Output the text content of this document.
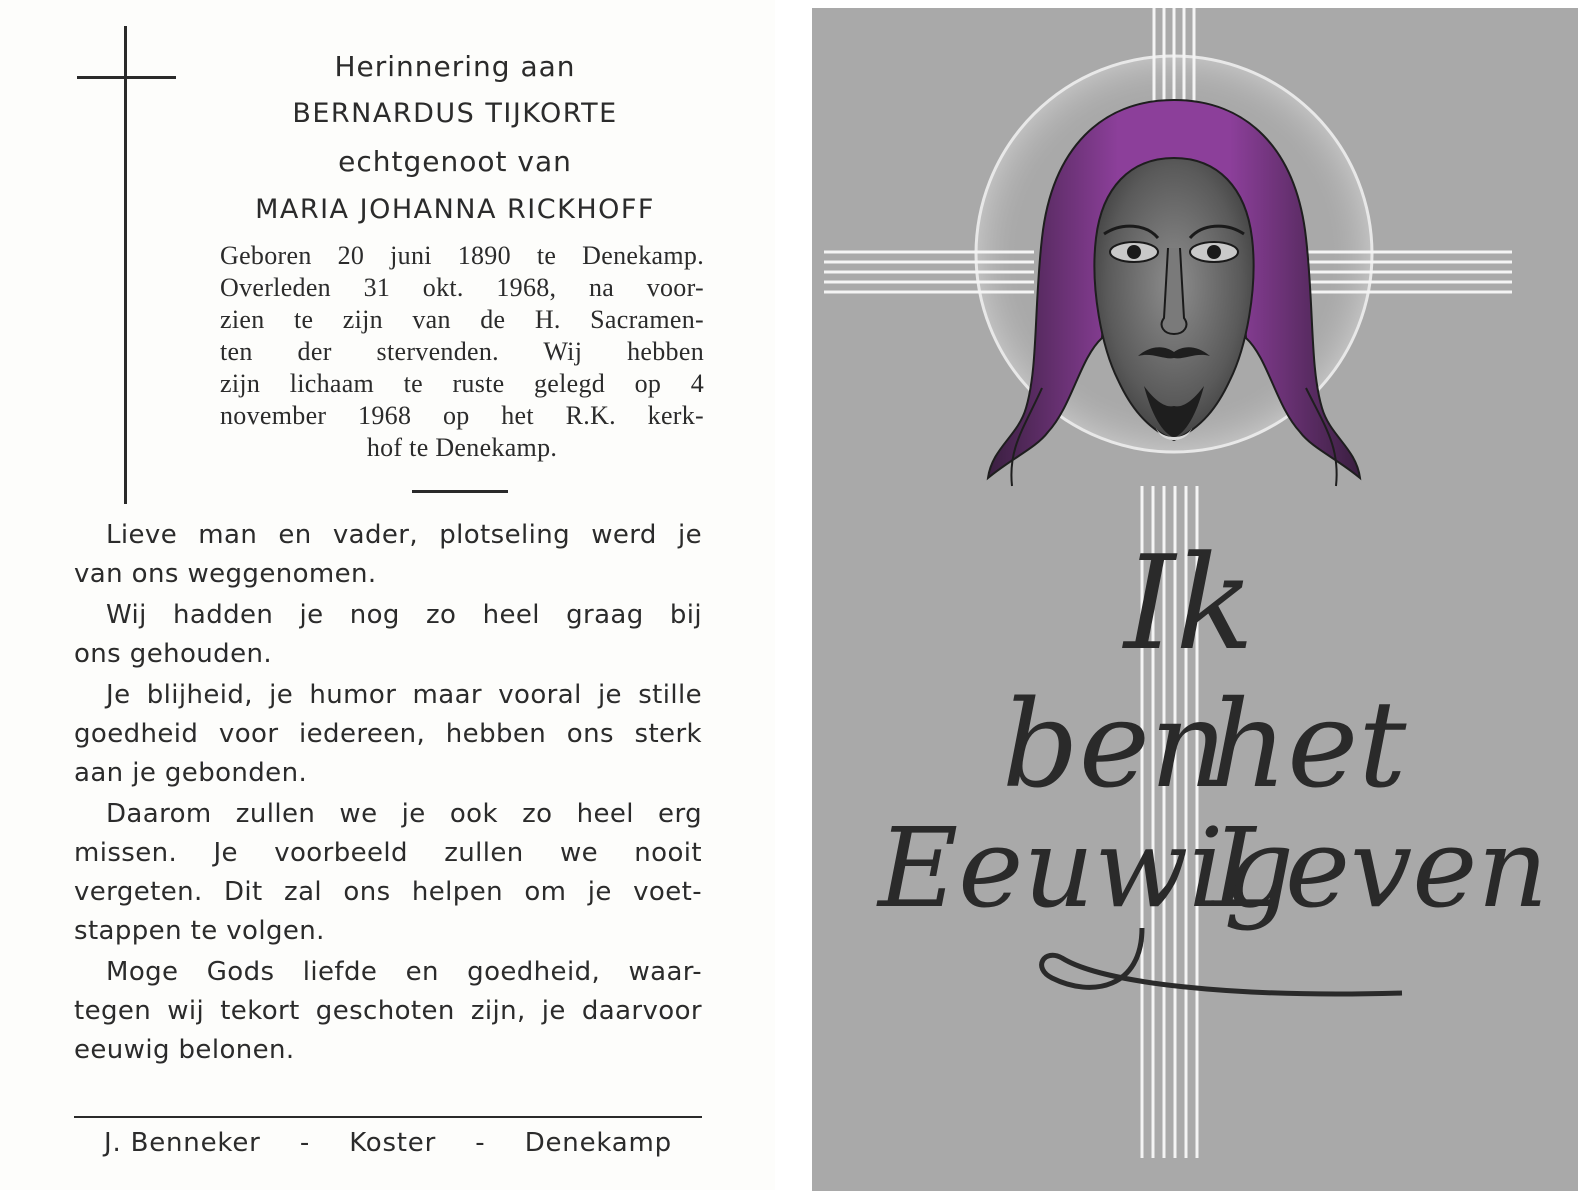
Herinnering aan
BERNARDUS TIJKORTE
echtgenoot van
MARIA JOHANNA RICKHOFF
Geboren 20 juni 1890 te Denekamp.
Overleden 31 okt. 1968, na voor-
zien te zijn van de H. Sacramen-
ten der stervenden. Wij hebben
zijn lichaam te ruste gelegd op 4
november 1968 op het R.K. kerk-
hof te Denekamp.
Lieve man en vader, plotseling werd je
van ons weggenomen.
Wij hadden je nog zo heel graag bij
ons gehouden.
Je blijheid, je humor maar vooral je stille
goedheid voor iedereen, hebben ons sterk
aan je gebonden.
Daarom zullen we je ook zo heel erg
missen. Je voorbeeld zullen we nooit
vergeten. Dit zal ons helpen om je voet-
stappen te volgen.
Moge Gods liefde en goedheid, waar-
tegen wij tekort geschoten zijn, je daarvoor
eeuwig belonen.
J. Benneker - Koster - Denekamp
Ik
ben
het
Eeuwig
Leven
